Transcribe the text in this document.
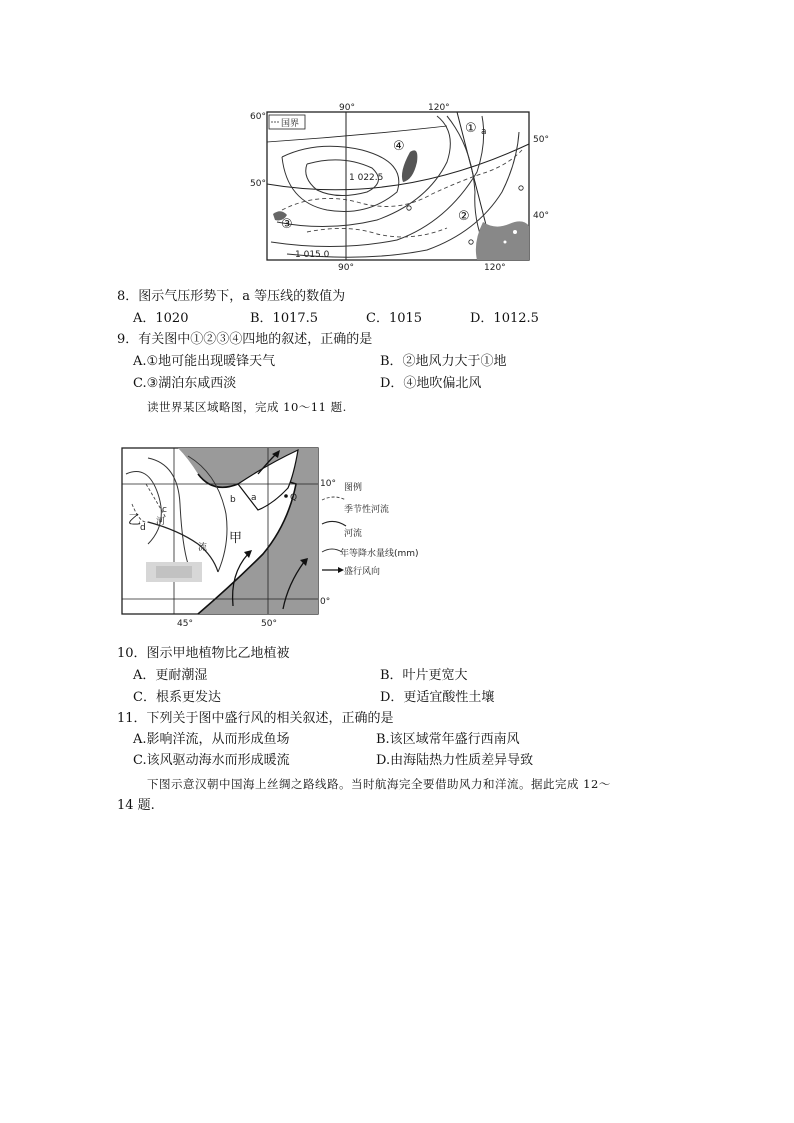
60°
50°
50°
40°
90°	120°
90°	120°
国界
1 022.5
1 015.0
a
①
②
③
④
8．图示气压形势下，a 等压线的数值为
A．1020	B．1017.5	C．1015	D．1012.5
9．有关图中①②③④四地的叙述，正确的是
A.①地可能出现暖锋天气	B．②地风力大于①地
C.③湖泊东咸西淡	D．④地吹偏北风
读世界某区域略图，完成 10～11 题.
乙
甲
河
流
a
b
c
d
Q
10°
0°
45°	50°
图例
季节性河流
河流
年等降水量线(mm)
盛行风向
10．图示甲地植物比乙地植被
A．更耐潮湿	B．叶片更宽大
C．根系更发达	D．更适宜酸性土壤
11．下列关于图中盛行风的相关叙述，正确的是
A.影响洋流，从而形成鱼场	B.该区域常年盛行西南风
C.该风驱动海水而形成暖流	D.由海陆热力性质差异导致
下图示意汉朝中国海上丝绸之路线路。当时航海完全要借助风力和洋流。据此完成 12～
14 题.
